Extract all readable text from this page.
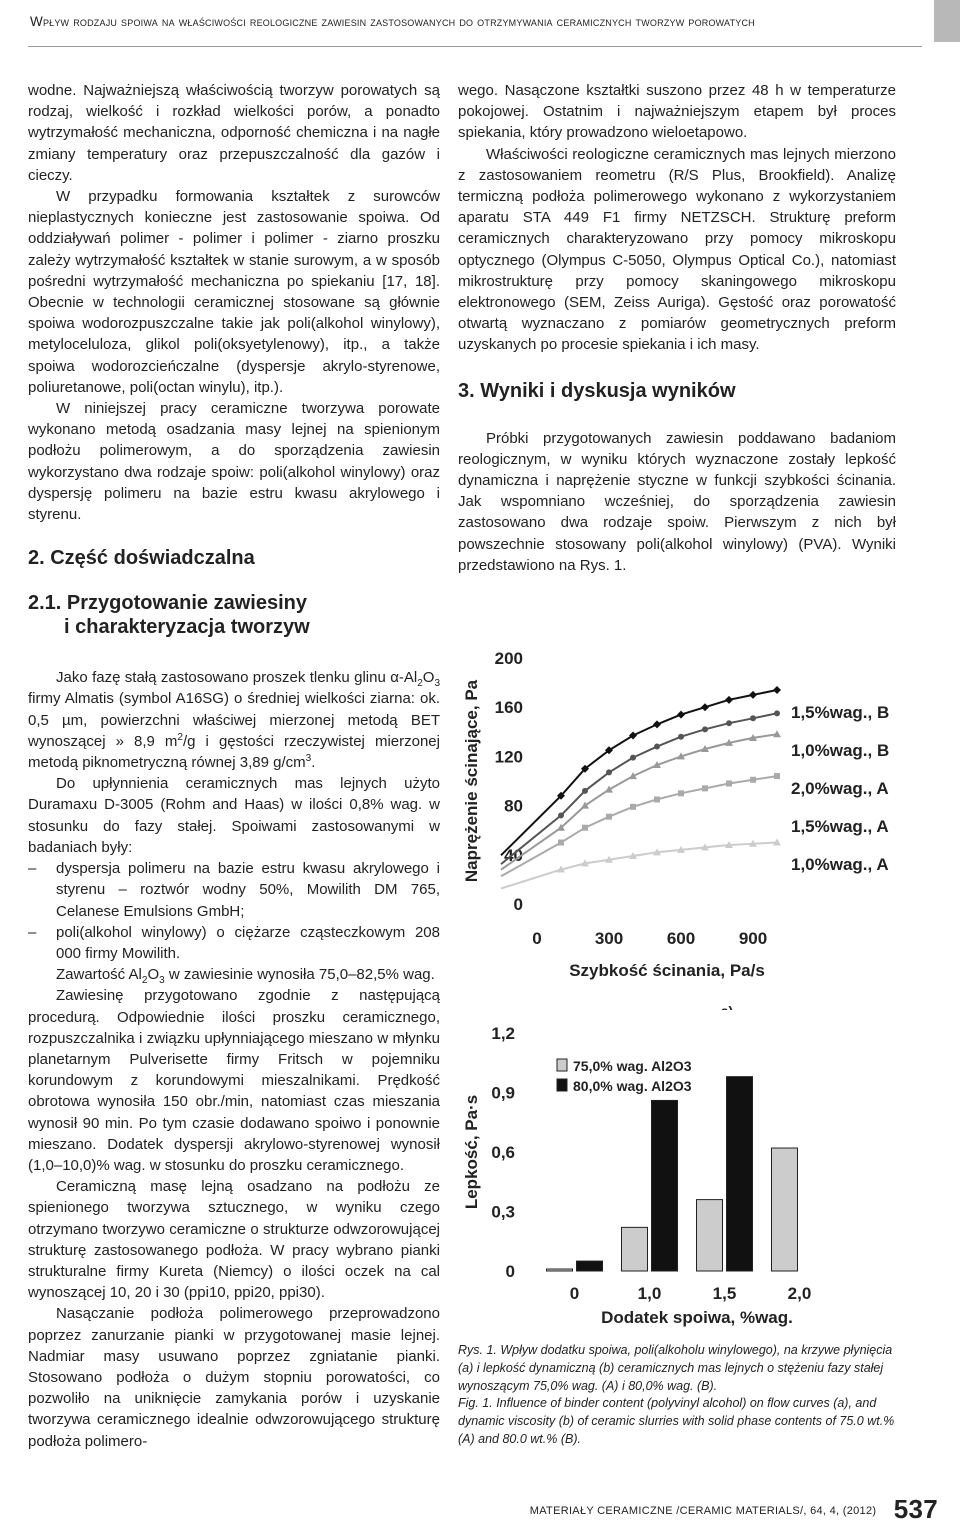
Wpływ rodzaju spoiwa na właściwości reologiczne zawiesin zastosowanych do otrzymywania ceramicznych tworzyw porowatych

wodne. Najważniejszą właściwością tworzyw porowatych są rodzaj, wielkość i rozkład wielkości porów, a ponadto wytrzymałość mechaniczna, odporność chemiczna i na nagłe zmiany temperatury oraz przepuszczalność dla gazów i cieczy.

W przypadku formowania kształtek z surowców nieplastycznych konieczne jest zastosowanie spoiwa. Od oddziaływań polimer - polimer i polimer - ziarno proszku zależy wytrzymałość kształtek w stanie surowym, a w sposób pośredni wytrzymałość mechaniczna po spiekaniu [17, 18]. Obecnie w technologii ceramicznej stosowane są głównie spoiwa wodorozpuszczalne takie jak poli(alkohol winylowy), metyloceluloza, glikol poli(oksyetylenowy), itp., a także spoiwa wodorozcieńczalne (dyspersje akrylo-styrenowe, poliuretanowe, poli(octan winylu), itp.).

W niniejszej pracy ceramiczne tworzywa porowate wykonano metodą osadzania masy lejnej na spienionym podłożu polimerowym, a do sporządzenia zawiesin wykorzystano dwa rodzaje spoiw: poli(alkohol winylowy) oraz dyspersję polimeru na bazie estru kwasu akrylowego i styrenu.

2. Część doświadczalna
2.1. Przygotowanie zawiesiny
i charakteryzacja tworzyw

Jako fazę stałą zastosowano proszek tlenku glinu $\alpha-Al_2O_3$ firmy Almatis (symbol A16SG) o średniej wielkości ziarna: ok. 0,5 µm, powierzchni właściwej mierzonej metodą BET wynoszącej » 8,9 $m^2/g$ i gęstości rzeczywistej mierzonej metodą piknometryczną równej 3,89 $g/cm^3$.

Do upłynnienia ceramicznych mas lejnych użyto Duramaxu D-3005 (Rohm and Haas) w ilości 0,8% wag. w stosunku do fazy stałej. Spoiwami zastosowanymi w badaniach były:

– dyspersja polimeru na bazie estru kwasu akrylowego i styrenu – roztwór wodny 50%, Mowilith DM 765, Celanese Emulsions GmbH;
– poli(alkohol winylowy) o ciężarze cząsteczkowym 208 000 firmy Mowilith.

Zawartość $Al_2O_3$ w zawiesinie wynosiła 75,0–82,5% wag.

Zawiesinę przygotowano zgodnie z następującą procedurą. Odpowiednie ilości proszku ceramicznego, rozpuszczalnika i związku upłynniającego mieszano w młynku planetarnym Pulverisette firmy Fritsch w pojemniku korundowym z korundowymi mieszalnikami. Prędkość obrotowa wynosiła 150 obr./min, natomiast czas mieszania wynosił 90 min. Po tym czasie dodawano spoiwo i ponownie mieszano. Dodatek dyspersji akrylowo-styrenowej wynosił (1,0–10,0)% wag. w stosunku do proszku ceramicznego.

Ceramiczną masę lejną osadzano na podłożu ze spienionego tworzywa sztucznego, w wyniku czego otrzymano tworzywo ceramiczne o strukturze odwzorowującej strukturę zastosowanego podłoża. W pracy wybrano pianki strukturalne firmy Kureta (Niemcy) o ilości oczek na cal wynoszącej 10, 20 i 30 (ppi10, ppi20, ppi30).

Nasączanie podłoża polimerowego przeprowadzono poprzez zanurzanie pianki w przygotowanej masie lejnej. Nadmiar masy usuwano poprzez zgniatanie pianki. Stosowano podłoża o dużym stopniu porowatości, co pozwoliło na uniknięcie zamykania porów i uzyskanie tworzywa ceramicznego idealnie odwzorowującego strukturę podłoża polimero-

wego. Nasączone kształtki suszono przez 48 h w temperaturze pokojowej. Ostatnim i najważniejszym etapem był proces spiekania, który prowadzono wieloetapowo.

Właściwości reologiczne ceramicznych mas lejnych mierzono z zastosowaniem reometru (R/S Plus, Brookfield). Analizę termiczną podłoża polimerowego wykonano z wykorzystaniem aparatu STA 449 F1 firmy NETZSCH. Strukturę preform ceramicznych charakteryzowano przy pomocy mikroskopu optycznego (Olympus C-5050, Olympus Optical Co.), natomiast mikrostrukturę przy pomocy skaningowego mikroskopu elektronowego (SEM, Zeiss Auriga). Gęstość oraz porowatość otwartą wyznaczano z pomiarów geometrycznych preform uzyskanych po procesie spiekania i ich masy.

3. Wyniki i dyskusja wyników

Próbki przygotowanych zawiesin poddawano badaniom reologicznym, w wyniku których wyznaczone zostały lepkość dynamiczna i naprężenie styczne w funkcji szybkości ścinania. Jak wspomniano wcześniej, do sporządzenia zawiesin zastosowano dwa rodzaje spoiw. Pierwszym z nich był powszechnie stosowany poli(alkohol winylowy) (PVA). Wyniki przedstawiono na Rys. 1.

Naprężenie ścinające, Pa
0
40
80
120
160
200
0	300	600	900
Szybkość ścinania, Pa/s
1,5%wag., B
1,0%wag., B
2,0%wag., A
1,5%wag., A
1,0%wag., A

Lepkość, Pa·s
0
0,3
0,6
0,9
1,2
0	1,0	1,5	2,0
Dodatek spoiwa, %wag.
75,0% wag. Al2O3
80,0% wag. Al2O3
Rys. 1. Wpływ dodatku spoiwa, poli(alkoholu winylowego), na krzywe płynięcia (a) i lepkość dynamiczną (b) ceramicznych mas lejnych o stężeniu fazy stałej wynoszącym 75,0% wag. (A) i 80,0% wag. (B).
Fig. 1. Influence of binder content (polyvinyl alcohol) on flow curves (a), and dynamic viscosity (b) of ceramic slurries with solid phase contents of 75.0 wt.% (A) and 80.0 wt.% (B).
MATERIAŁY CERAMICZNE /CERAMIC MATERIALS/, 64, 4, (2012) 537
